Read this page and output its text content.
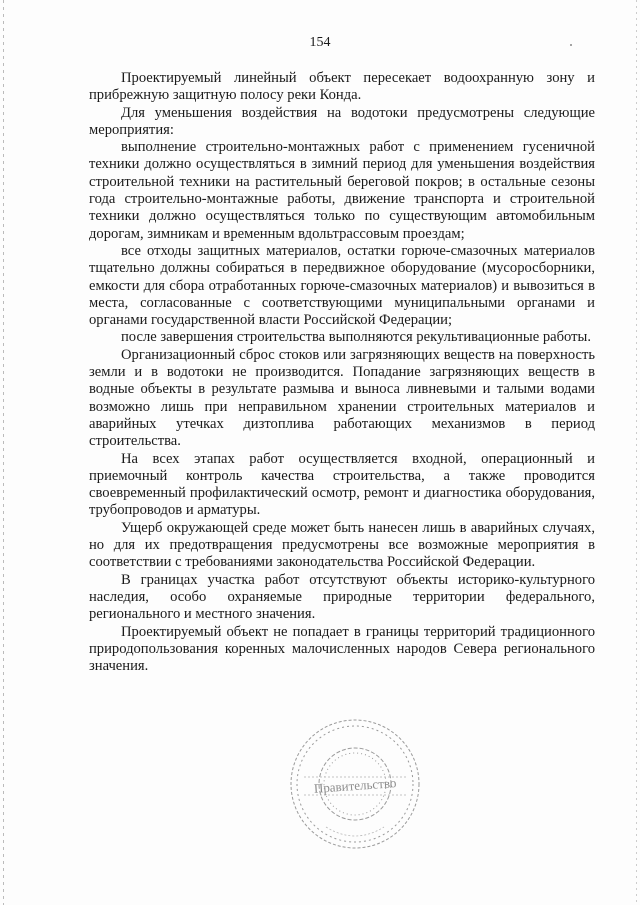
154

Проектируемый линейный объект пересекает водоохранную зону и прибрежную защитную полосу реки Конда.

Для уменьшения воздействия на водотоки предусмотрены следующие мероприятия:

выполнение строительно-монтажных работ с применением гусеничной техники должно осуществляться в зимний период для уменьшения воздействия строительной техники на растительный береговой покров; в остальные сезоны года строительно-монтажные работы, движение транспорта и строительной техники должно осуществляться только по существующим автомобильным дорогам, зимникам и временным вдольтрассовым проездам;

все отходы защитных материалов, остатки горюче-смазочных материалов тщательно должны собираться в передвижное оборудование (мусоросборники, емкости для сбора отработанных горюче-смазочных материалов) и вывозиться в места, согласованные с соответствующими муниципальными органами и органами государственной власти Российской Федерации;

после завершения строительства выполняются рекультивационные работы.

Организационный сброс стоков или загрязняющих веществ на поверхность земли и в водотоки не производится. Попадание загрязняющих веществ в водные объекты в результате размыва и выноса ливневыми и талыми водами возможно лишь при неправильном хранении строительных материалов и аварийных утечках дизтоплива работающих механизмов в период строительства.

На всех этапах работ осуществляется входной, операционный и приемочный контроль качества строительства, а также проводится своевременный профилактический осмотр, ремонт и диагностика оборудования, трубопроводов и арматуры.

Ущерб окружающей среде может быть нанесен лишь в аварийных случаях, но для их предотвращения предусмотрены все возможные мероприятия в соответствии с требованиями законодательства Российской Федерации.

В границах участка работ отсутствуют объекты историко-культурного наследия, особо охраняемые природные территории федерального, регионального и местного значения.

Проектируемый объект не попадает в границы территорий традиционного природопользования коренных малочисленных народов Севера регионального значения.

Правительство
